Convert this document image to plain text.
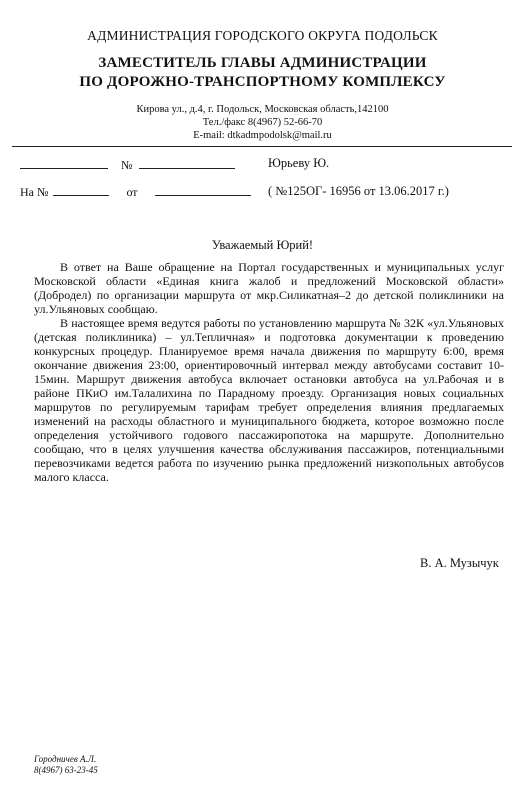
АДМИНИСТРАЦИЯ ГОРОДСКОГО ОКРУГА ПОДОЛЬСК
ЗАМЕСТИТЕЛЬ ГЛАВЫ АДМИНИСТРАЦИИ
ПО ДОРОЖНО-ТРАНСПОРТНОМУ КОМПЛЕКСУ
Кирова ул., д.4, г. Подольск, Московская область,142100
Тел./факс 8(4967) 52-66-70
E-mail: dtkadmpodolsk@mail.ru
№
На №	от
Юрьеву Ю.
( №125ОГ- 16956 от 13.06.2017 г.)
Уважаемый Юрий!

В ответ на Ваше обращение на Портал государственных и муниципальных услуг Московской области «Единая книга жалоб и предложений Московской области» (Добродел) по организации маршрута от мкр.Силикатная–2 до детской поликлиники на ул.Ульяновых сообщаю.

В настоящее время ведутся работы по установлению маршрута № 32К «ул.Ульяновых (детская поликлиника) – ул.Тепличная» и подготовка документации к проведению конкурсных процедур. Планируемое время начала движения по маршруту 6:00, время окончание движения 23:00, ориентировочный интервал между автобусами составит 10-15мин. Маршрут движения автобуса включает остановки автобуса на ул.Рабочая и в районе ПКиО им.Талалихина по Парадному проезду. Организация новых социальных маршрутов по регулируемым тарифам требует определения влияния предлагаемых изменений на расходы областного и муниципального бюджета, которое возможно после определения устойчивого годового пассажиропотока на маршруте. Дополнительно сообщаю, что в целях улучшения качества обслуживания пассажиров, потенциальными перевозчиками ведется работа по изучению рынка предложений низкопольных автобусов малого класса.

В. А. Музычук
Городничев А.Л.
8(4967) 63-23-45
